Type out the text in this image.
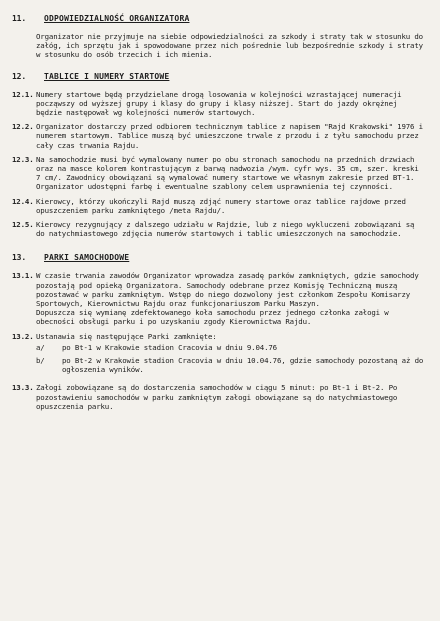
11.	ODPOWIEDZIALNOŚĆ ORGANIZATORA
Organizator nie przyjmuje na siebie odpowiedzialności za szkody i straty tak w stosunku do załóg, ich sprzętu jak i spowodowane przez nich pośrednie lub bezpośrednie szkody i straty w stosunku do osób trzecich i ich mienia.
12.	TABLICE I NUMERY STARTOWE
12.1. Numery startowe będą przydzielane drogą losowania w kolejności wzrastającej numeracji począwszy od wyższej grupy i klasy do grupy i klasy niższej. Start do jazdy okrężnej będzie następował wg kolejności numerów startowych.
12.2. Organizator dostarczy przed odbiorem technicznym tablice z napisem "Rajd Krakowski" 1976 i numerem startowym. Tablice muszą być umieszczone trwale z przodu i z tyłu samochodu przez cały czas trwania Rajdu.
12.3. Na samochodzie musi być wymalowany numer po obu stronach samochodu na przednich drzwiach oraz na masce kolorem kontrastującym z barwą nadwozia /wym. cyfr wys. 35 cm, szer. kreski 7 cm/. Zawodnicy obowiązani są wymalować numery startowe we własnym zakresie przed BT-1. Organizator udostępni farbę i ewentualne szablony celem usprawnienia tej czynności.
12.4. Kierowcy, którzy ukończyli Rajd muszą zdjąć numery startowe oraz tablice rajdowe przed opuszczeniem parku zamkniętego /meta Rajdu/.
12.5. Kierowcy rezygnujący z dalszego udziału w Rajdzie, lub z niego wykluczeni zobowiązani są do natychmiastowego zdjęcia numerów startowych i tablic umieszczonych na samochodzie.
13.	PARKI SAMOCHODOWE
13.1. W czasie trwania zawodów Organizator wprowadza zasadę parków zamkniętych, gdzie samochody pozostają pod opieką Organizatora. Samochody odebrane przez Komisję Techniczną muszą pozostawać w parku zamkniętym. Wstęp do niego dozwolony jest członkom Zespołu Komisarzy Sportowych, Kierownictwu Rajdu oraz funkcjonariuszom Parku Maszyn.

Dopuszcza się wymianę zdefektowanego koła samochodu przez jednego członka załogi w obecności obsługi parku i po uzyskaniu zgody Kierownictwa Rajdu.

13.2. Ustanawia się następujące Parki zamknięte:

a/	po Bt-1 w Krakowie stadion Cracovia w dniu 9.04.76
b/	po Bt-2 w Krakowie stadion Cracovia w dniu 10.04.76, gdzie samochody pozostaną aż do ogłoszenia wyników.
13.3. Załogi zobowiązane są do dostarczenia samochodów w ciągu 5 minut: po Bt-1 i Bt-2. Po pozostawieniu samochodów w parku zamkniętym załogi obowiązane są do natychmiastowego opuszczenia parku.
